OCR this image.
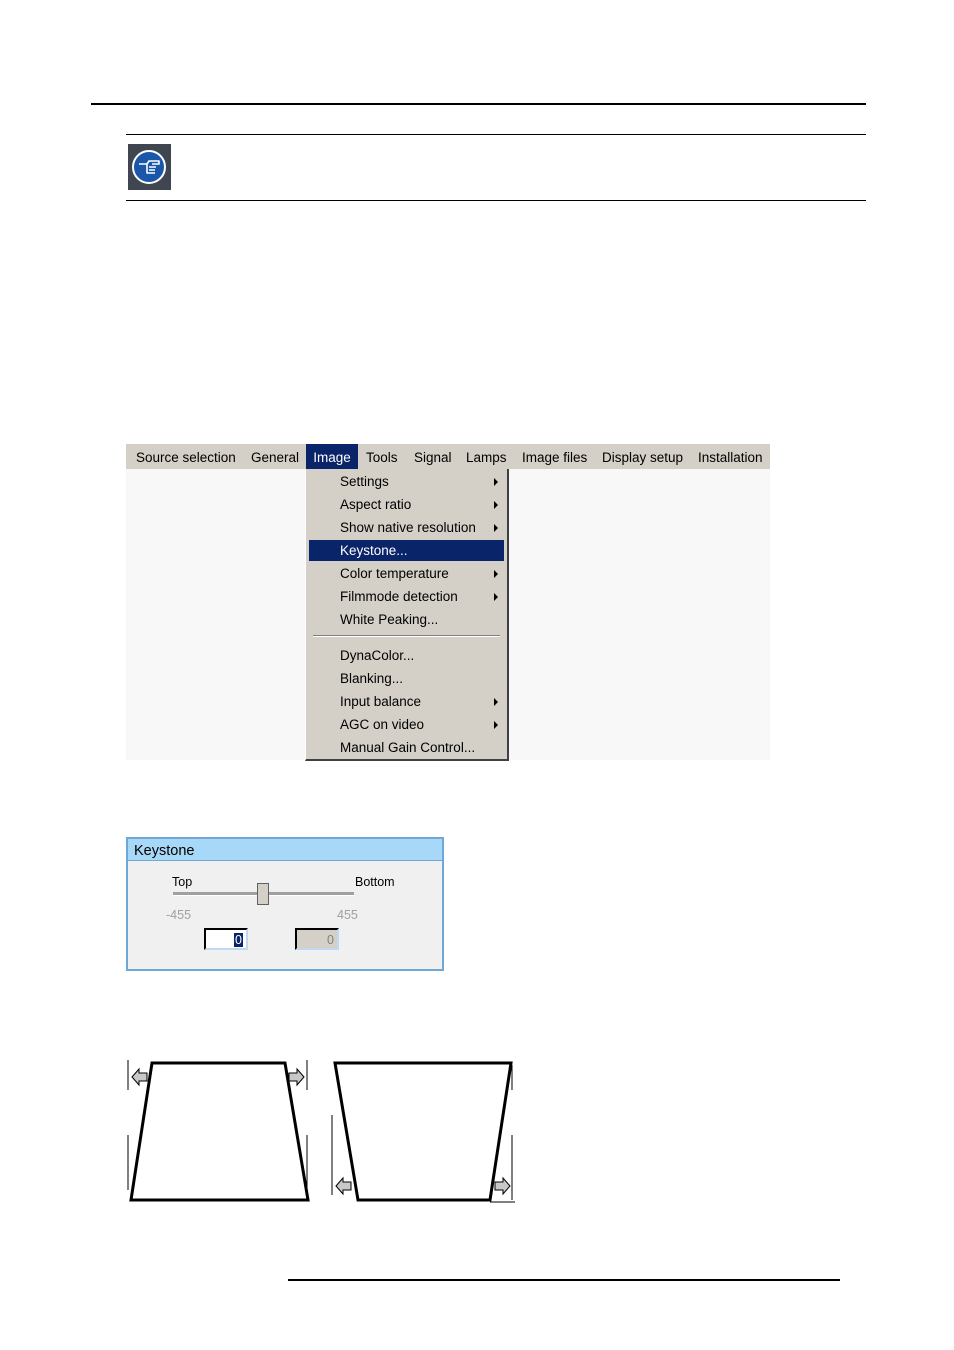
Source selection General	Image	Tools Signal Lamps Image files Display setup Installation
Settings
Aspect ratio
Show native resolution
Keystone...
Color temperature
Filmmode detection
White Peaking...
DynaColor...
Blanking...
Input balance
AGC on video
Manual Gain Control...
Keystone
Top	Bottom
-455	455
0	0
